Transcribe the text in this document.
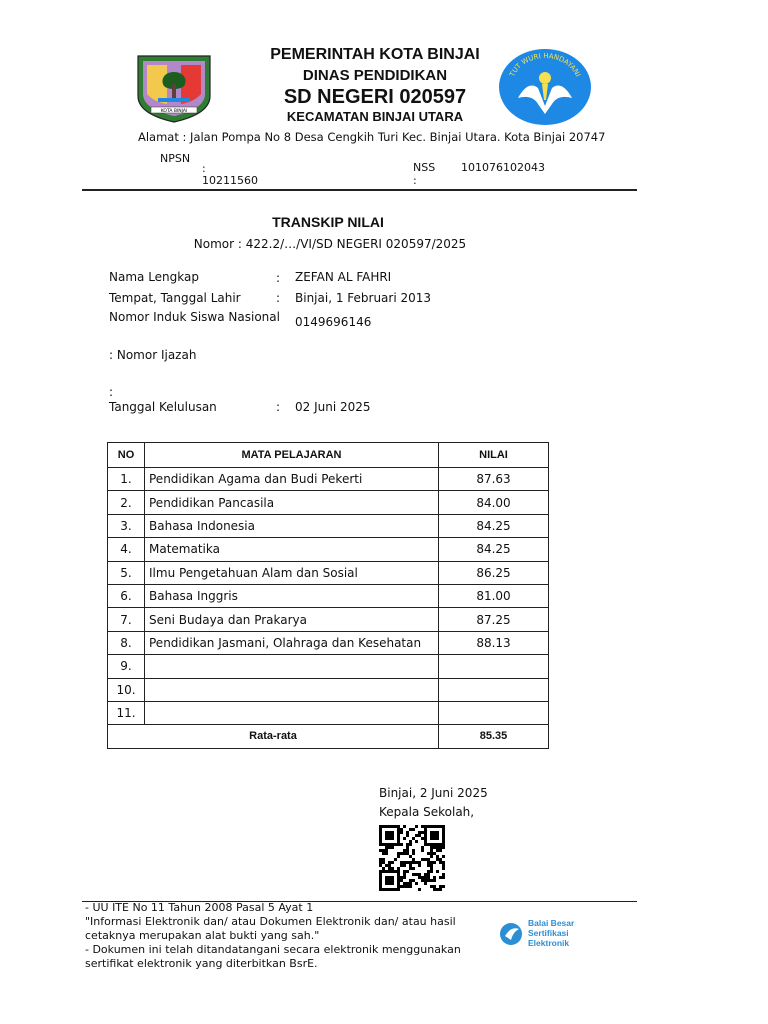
KOTA BINJAI
PEMERINTAH KOTA BINJAI
DINAS PENDIDIKAN
SD NEGERI 020597
KECAMATAN BINJAI UTARA
TUT WURI HANDAYANI
Alamat : Jalan Pompa No 8 Desa Cengkih Turi Kec. Binjai Utara. Kota Binjai 20747
NPSN
:
10211560
NSS
:
101076102043
TRANSKIP NILAI
Nomor : 422.2/…/VI/SD NEGERI 020597/2025
Nama Lengkap	: ZEFAN AL FAHRI
Tempat, Tanggal Lahir	: Binjai, 1 Februari 2013
Nomor Induk Siswa Nasional 0149696146
: Nomor Ijazah
:
Tanggal Kelulusan	: 02 Juni 2025
NO	MATA PELAJARAN	NILAI
1.	Pendidikan Agama dan Budi Pekerti	87.63
2.	Pendidikan Pancasila	84.00
3.	Bahasa Indonesia	84.25
4.	Matematika	84.25
5.	Ilmu Pengetahuan Alam dan Sosial	86.25
6.	Bahasa Inggris	81.00
7.	Seni Budaya dan Prakarya	87.25
8.	Pendidikan Jasmani, Olahraga dan Kesehatan	88.13
9.		
10.		
11.		
Rata-rata		85.35
Binjai, 2 Juni 2025
Kepala Sekolah,
- UU ITE No 11 Tahun 2008 Pasal 5 Ayat 1
"Informasi Elektronik dan/ atau Dokumen Elektronik dan/ atau hasil
cetaknya merupakan alat bukti yang sah."
- Dokumen ini telah ditandatangani secara elektronik menggunakan
sertifikat elektronik yang diterbitkan BsrE.
Balai Besar
Sertifikasi
Elektronik
